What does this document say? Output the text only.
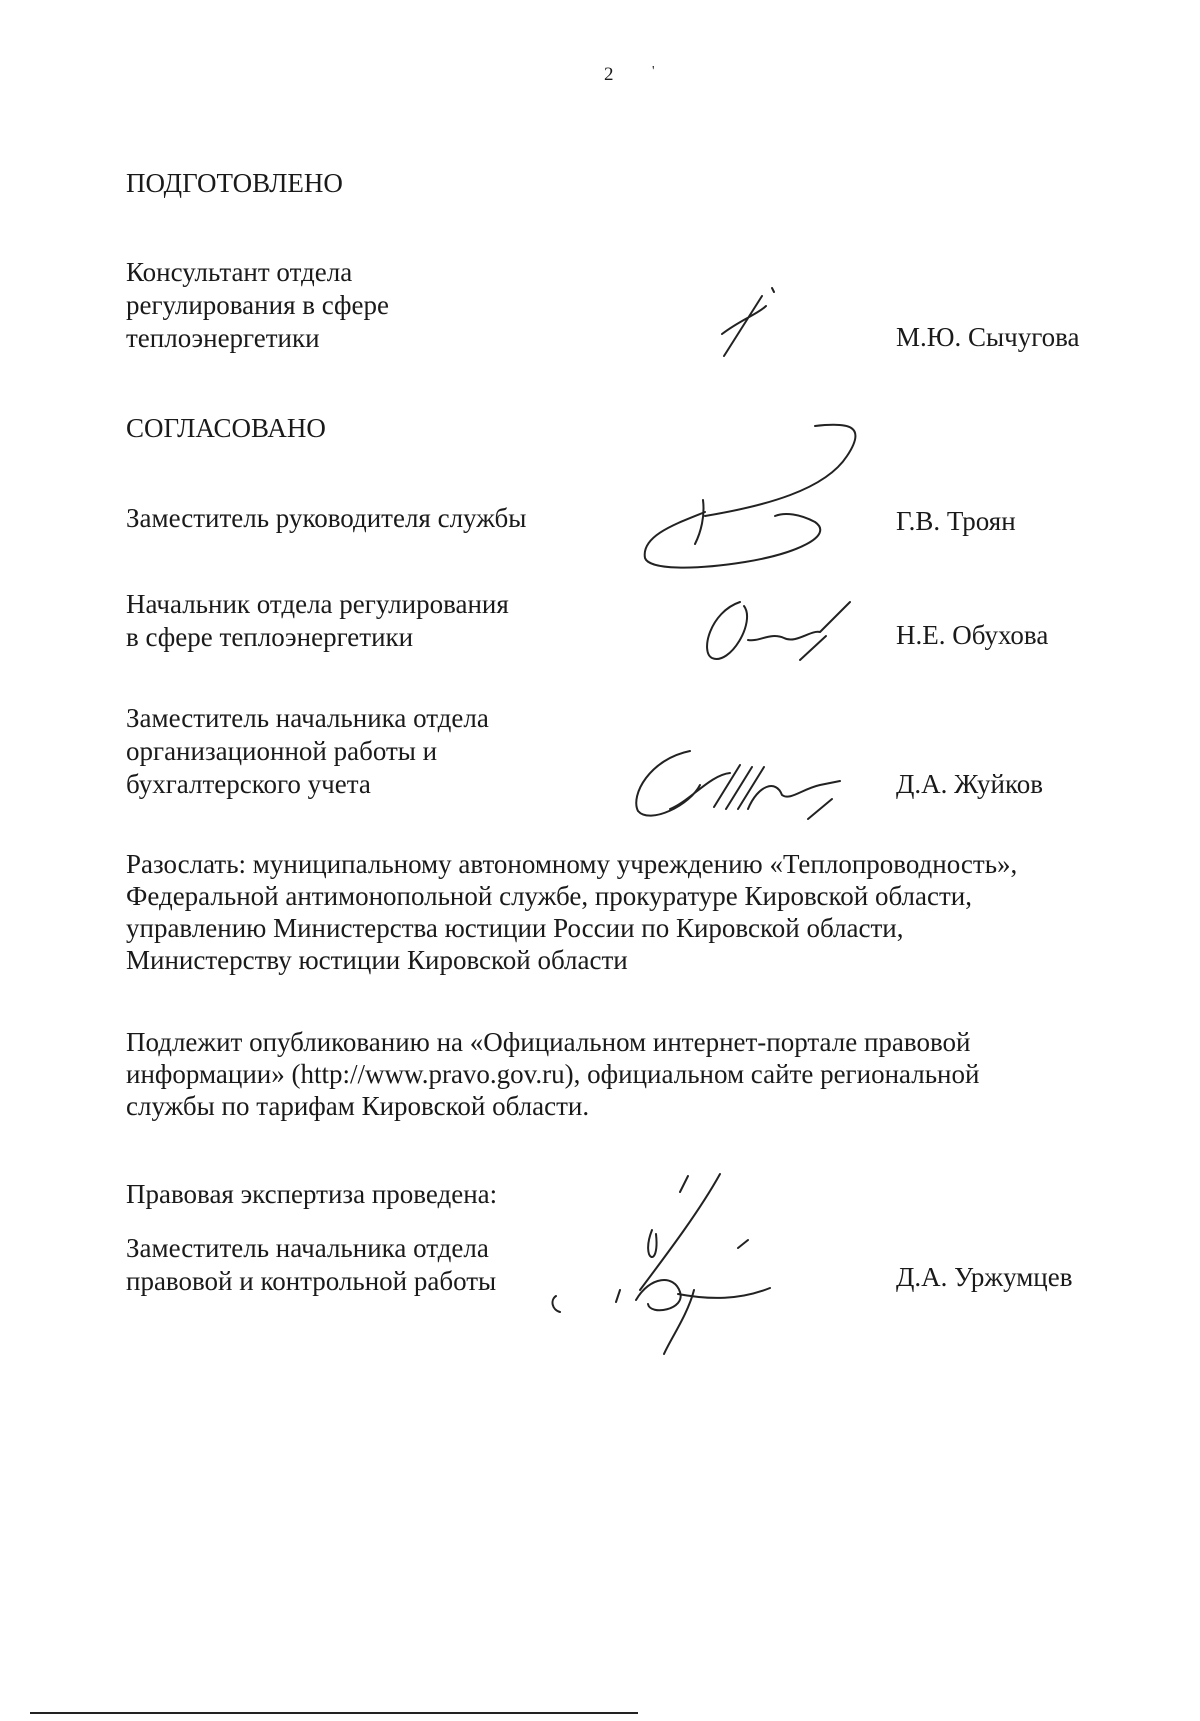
2	'
ПОДГОТОВЛЕНО
Консультант отдела
регулирования в сфере
теплоэнергетики	М.Ю. Сычугова
СОГЛАСОВАНО
Заместитель руководителя службы	Г.В. Троян
Начальник отдела регулирования
в сфере теплоэнергетики	Н.Е. Обухова
Заместитель начальника отдела
организационной работы и
бухгалтерского учета	Д.А. Жуйков
Разослать: муниципальному автономному учреждению «Теплопроводность»,
Федеральной антимонопольной службе, прокуратуре Кировской области,
управлению Министерства юстиции России по Кировской области,
Министерству юстиции Кировской области
Подлежит опубликованию на «Официальном интернет-портале правовой
информации» (http://www.pravo.gov.ru), официальном сайте региональной
службы по тарифам Кировской области.
Правовая экспертиза проведена:
Заместитель начальника отдела
правовой и контрольной работы	Д.А. Уржумцев
